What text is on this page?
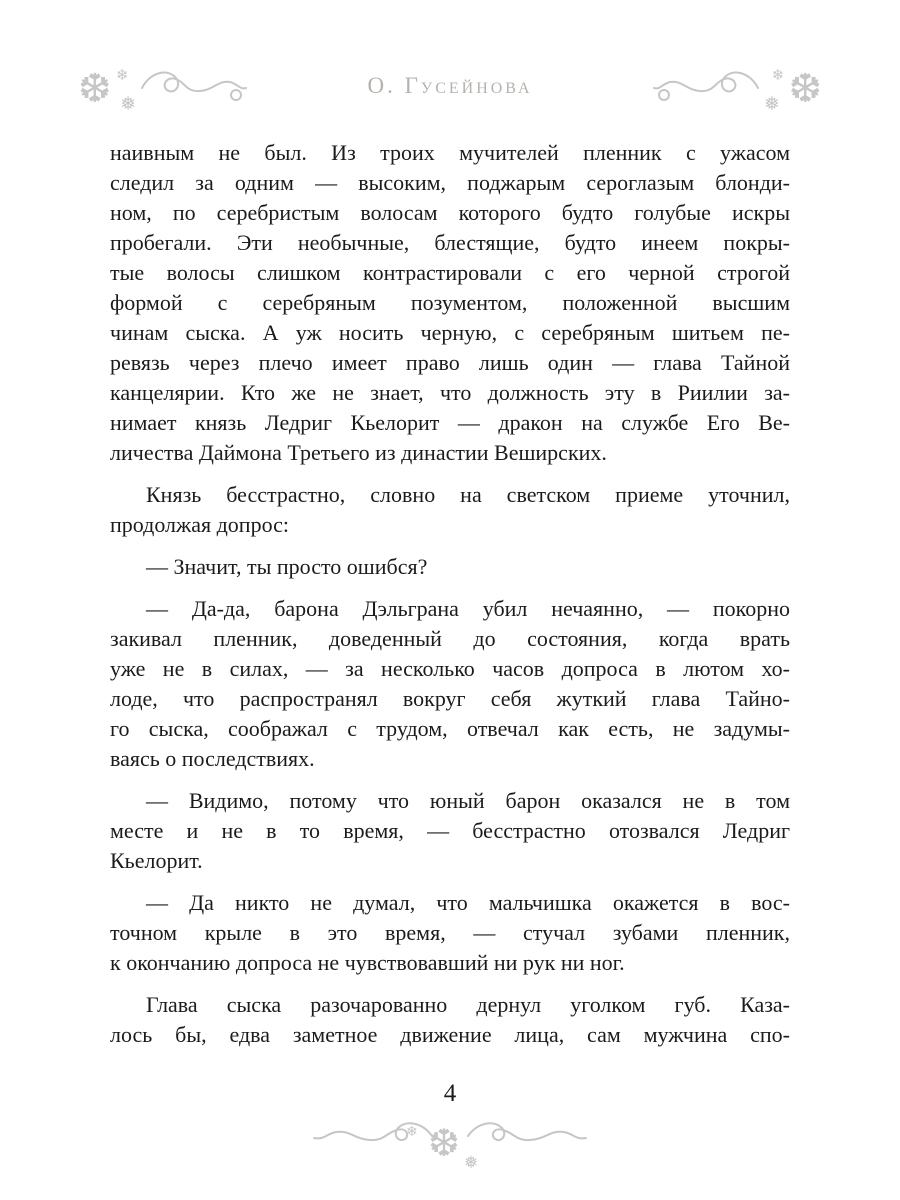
❆ ❄
❅
О. Гусейнова	❆
❄
❅
наивным не был. Из троих мучителей пленник с ужасом
следил за одним — высоким, поджарым сероглазым блонди-
ном, по серебристым волосам которого будто голубые искры
пробегали. Эти необычные, блестящие, будто инеем покры-
тые волосы слишком контрастировали с его черной строгой
формой с серебряным позументом, положенной высшим
чинам сыска. А уж носить черную, с серебряным шитьем пе-
ревязь через плечо имеет право лишь один — глава Тайной
канцелярии. Кто же не знает, что должность эту в Риилии за-
нимает князь Ледриг Кьелорит — дракон на службе Его Ве-
личества Даймона Третьего из династии Веширских.
Князь бесстрастно, словно на светском приеме уточнил,
продолжая допрос:
— Значит, ты просто ошибся?
— Да-да, барона Дэльграна убил нечаянно, — покорно
закивал пленник, доведенный до состояния, когда врать
уже не в силах, — за несколько часов допроса в лютом хо-
лоде, что распространял вокруг себя жуткий глава Тайно-
го сыска, соображал с трудом, отвечал как есть, не задумы-
ваясь о последствиях.
— Видимо, потому что юный барон оказался не в том
месте и не в то время, — бесстрастно отозвался Ледриг
Кьелорит.
— Да никто не думал, что мальчишка окажется в вос-
точном крыле в это время, — стучал зубами пленник,
к окончанию допроса не чувствовавший ни рук ни ног.
Глава сыска разочарованно дернул уголком губ. Каза-
лось бы, едва заметное движение лица, сам мужчина спо-
4
❆
❄
❅
